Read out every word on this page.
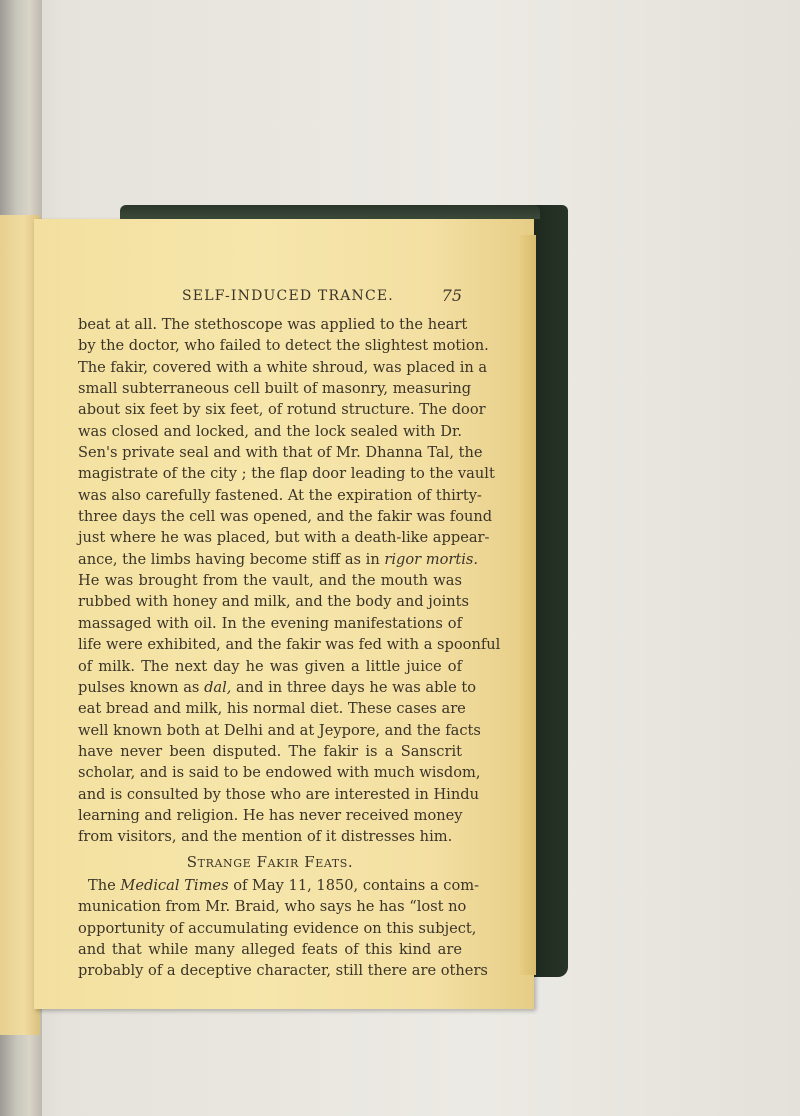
SELF-INDUCED TRANCE.	75
beat at all. The stethoscope was applied to the heart
by the doctor, who failed to detect the slightest motion.
The fakir, covered with a white shroud, was placed in a
small subterraneous cell built of masonry, measuring
about six feet by six feet, of rotund structure. The door
was closed and locked, and the lock sealed with Dr.
Sen's private seal and with that of Mr. Dhanna Tal, the
magistrate of the city ; the flap door leading to the vault
was also carefully fastened. At the expiration of thirty-
three days the cell was opened, and the fakir was found
just where he was placed, but with a death-like appear-
ance, the limbs having become stiff as in rigor mortis.
He was brought from the vault, and the mouth was
rubbed with honey and milk, and the body and joints
massaged with oil. In the evening manifestations of
life were exhibited, and the fakir was fed with a spoonful
of milk. The next day he was given a little juice of
pulses known as dal, and in three days he was able to
eat bread and milk, his normal diet. These cases are
well known both at Delhi and at Jeypore, and the facts
have never been disputed. The fakir is a Sanscrit
scholar, and is said to be endowed with much wisdom,
and is consulted by those who are interested in Hindu
learning and religion. He has never received money
from visitors, and the mention of it distresses him.
Strange Fakir Feats.
The Medical Times of May 11, 1850, contains a com-
munication from Mr. Braid, who says he has “lost no
opportunity of accumulating evidence on this subject,
and that while many alleged feats of this kind are
probably of a deceptive character, still there are others
